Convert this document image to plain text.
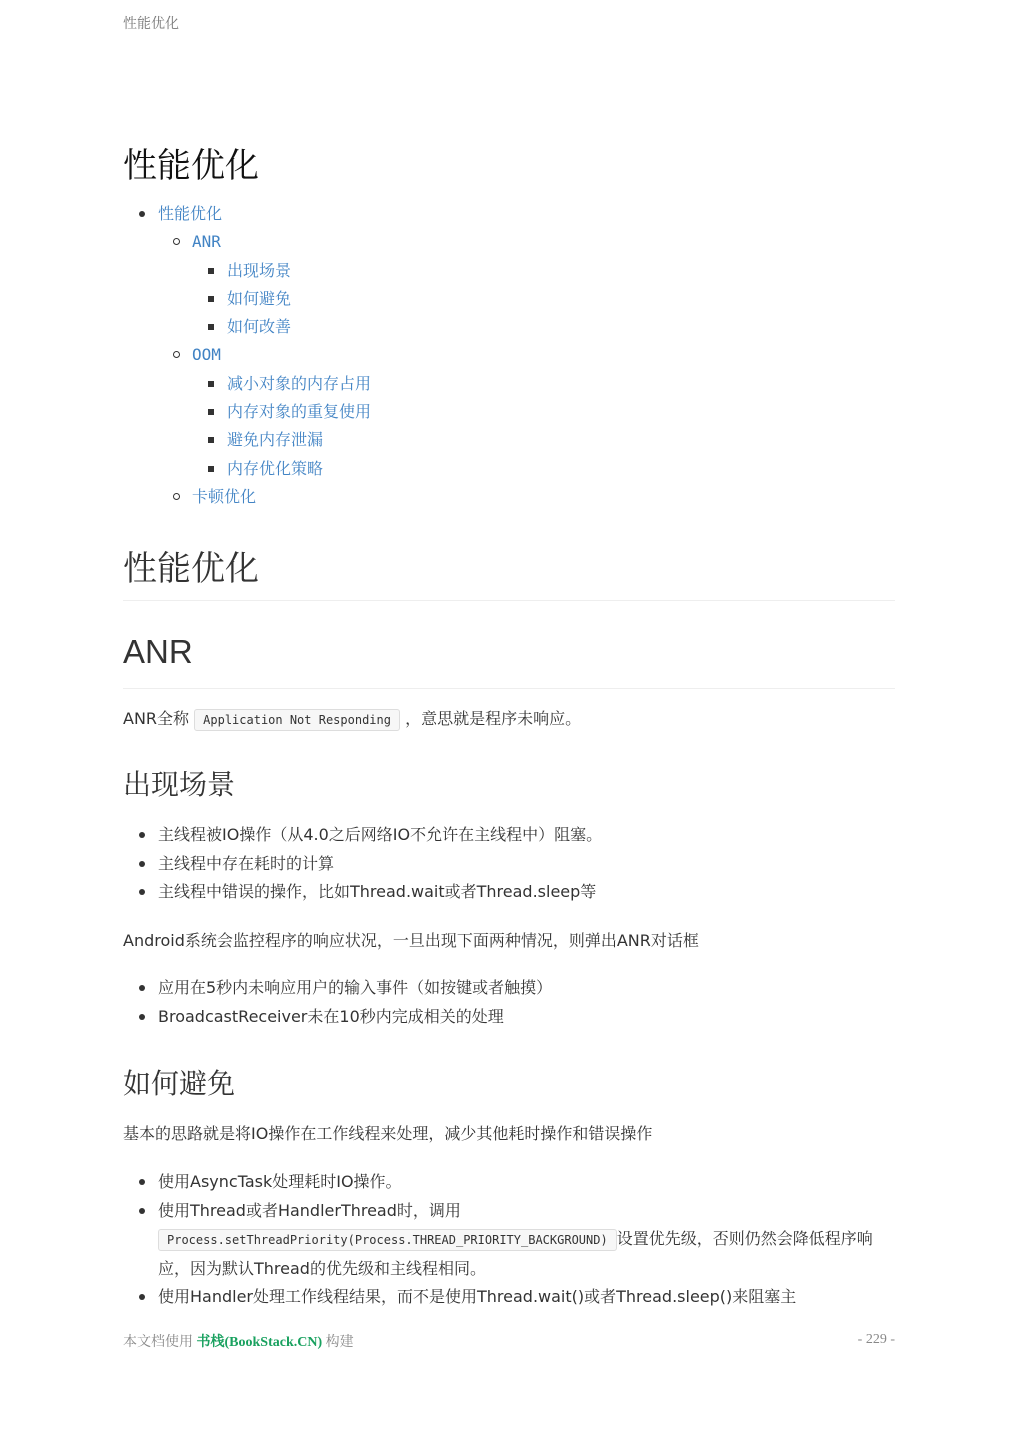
性能优化
性能优化
性能优化
ANR
出现场景
如何避免
如何改善
OOM
减小对象的内存占用
内存对象的重复使用
避免内存泄漏
内存优化策略
卡顿优化
性能优化
ANR

ANR全称 Application Not Responding ，意思就是程序未响应。

出现场景
主线程被IO操作（从4.0之后网络IO不允许在主线程中）阻塞。
主线程中存在耗时的计算
主线程中错误的操作，比如Thread.wait或者Thread.sleep等

Android系统会监控程序的响应状况，一旦出现下面两种情况，则弹出ANR对话框

应用在5秒内未响应用户的输入事件（如按键或者触摸）
BroadcastReceiver未在10秒内完成相关的处理
如何避免

基本的思路就是将IO操作在工作线程来处理，减少其他耗时操作和错误操作

使用AsyncTask处理耗时IO操作。
使用Thread或者HandlerThread时，调用Process.setThreadPriority(Process.THREAD_PRIORITY_BACKGROUND) 设置优先级，否则仍然会降低程序响应，因为默认Thread的优先级和主线程相同。
使用Handler处理工作线程结果，而不是使用Thread.wait()或者Thread.sleep()来阻塞主
本文档使用 书栈(BookStack.CN) 构建	- 229 -
